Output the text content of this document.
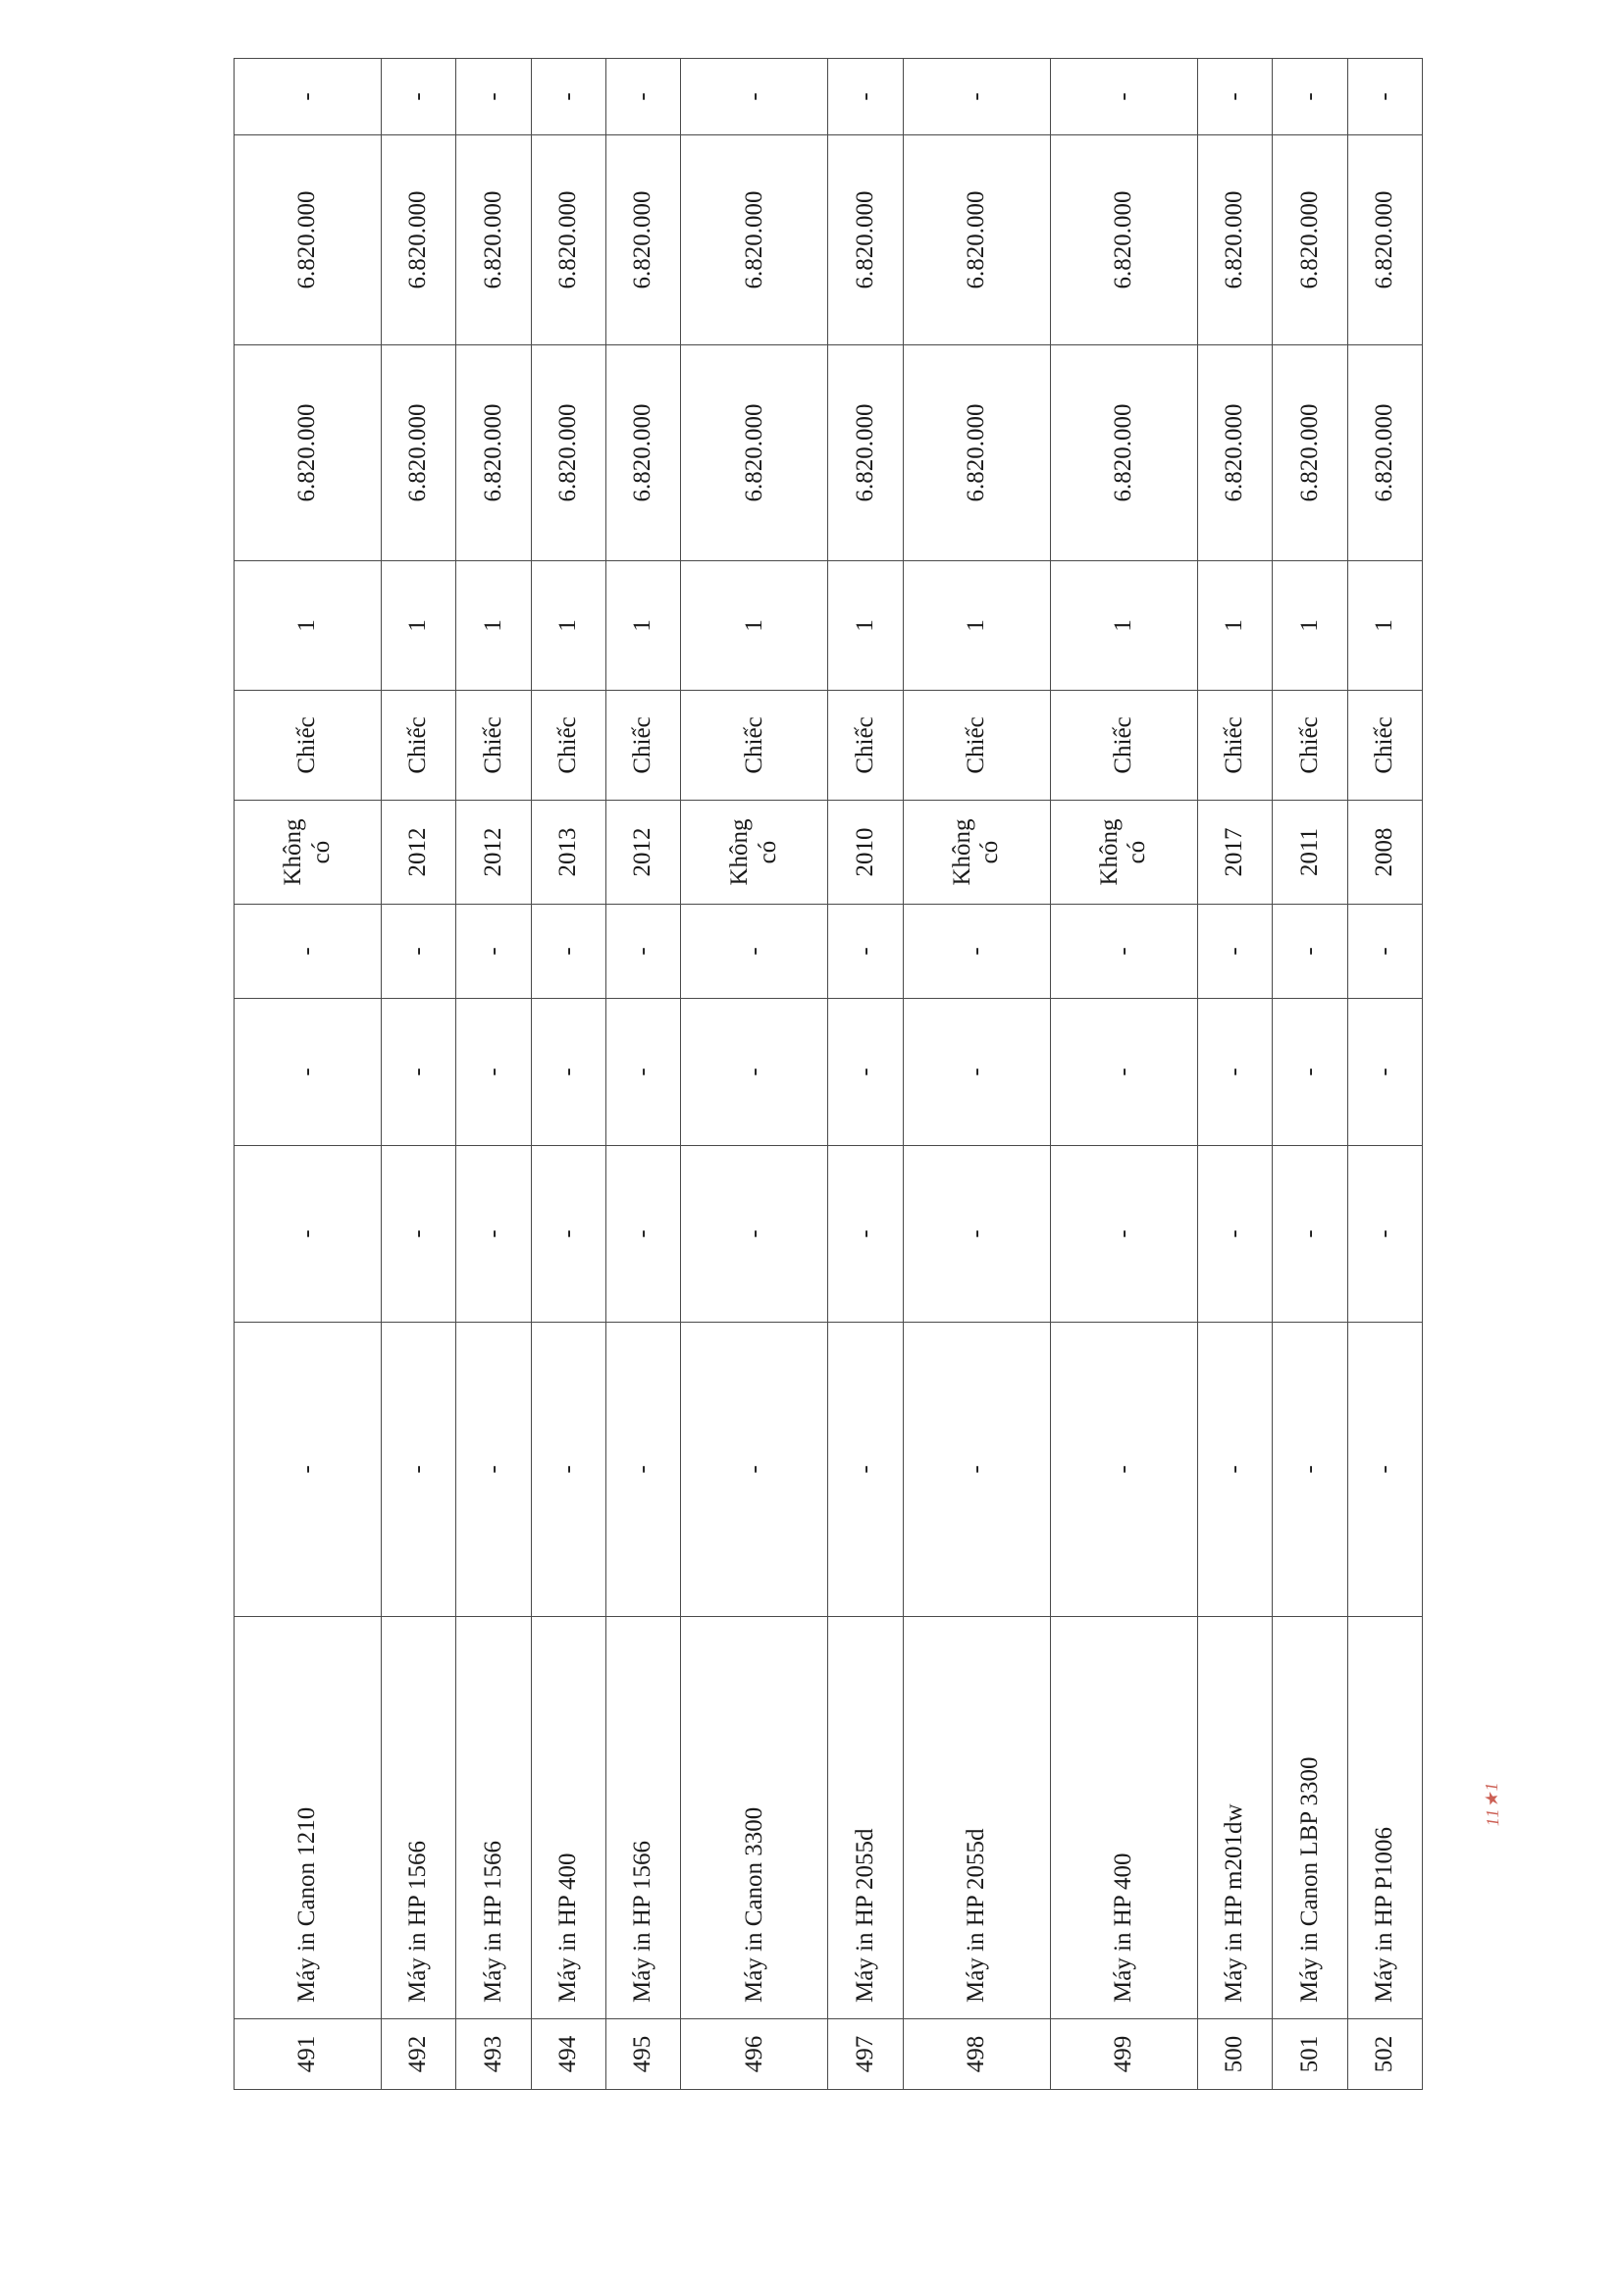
491	Máy in Canon 1210	-	-	-	-	Không có	Chiếc	1	6.820.000	6.820.000	-
492	Máy in HP 1566	-	-	-	-	2012	Chiếc	1	6.820.000	6.820.000	-
493	Máy in HP 1566	-	-	-	-	2012	Chiếc	1	6.820.000	6.820.000	-
494	Máy in HP 400	-	-	-	-	2013	Chiếc	1	6.820.000	6.820.000	-
495	Máy in HP 1566	-	-	-	-	2012	Chiếc	1	6.820.000	6.820.000	-
496	Máy in Canon 3300	-	-	-	-	Không có	Chiếc	1	6.820.000	6.820.000	-
497	Máy in HP 2055d	-	-	-	-	2010	Chiếc	1	6.820.000	6.820.000	-
498	Máy in HP 2055d	-	-	-	-	Không có	Chiếc	1	6.820.000	6.820.000	-
499	Máy in HP 400	-	-	-	-	Không có	Chiếc	1	6.820.000	6.820.000	-
500	Máy in HP m201dw	-	-	-	-	2017	Chiếc	1	6.820.000	6.820.000	-
501	Máy in Canon LBP 3300	-	-	-	-	2011	Chiếc	1	6.820.000	6.820.000	-
502	Máy in HP P1006	-	-	-	-	2008	Chiếc	1	6.820.000	6.820.000	-
11★1
